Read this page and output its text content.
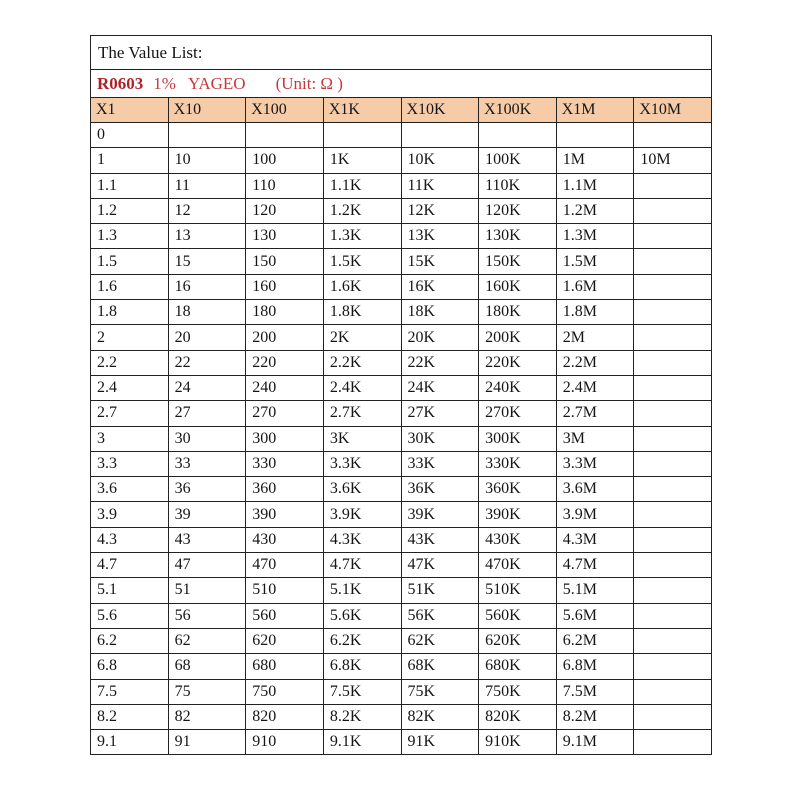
The Value List:							
R0603 1% YAGEO (Unit: Ω )							
X1	X10	X100	X1K	X10K	X100K	X1M	X10M
0							
1	10	100	1K	10K	100K	1M	10M
1.1	11	110	1.1K	11K	110K	1.1M	
1.2	12	120	1.2K	12K	120K	1.2M	
1.3	13	130	1.3K	13K	130K	1.3M	
1.5	15	150	1.5K	15K	150K	1.5M	
1.6	16	160	1.6K	16K	160K	1.6M	
1.8	18	180	1.8K	18K	180K	1.8M	
2	20	200	2K	20K	200K	2M	
2.2	22	220	2.2K	22K	220K	2.2M	
2.4	24	240	2.4K	24K	240K	2.4M	
2.7	27	270	2.7K	27K	270K	2.7M	
3	30	300	3K	30K	300K	3M	
3.3	33	330	3.3K	33K	330K	3.3M	
3.6	36	360	3.6K	36K	360K	3.6M	
3.9	39	390	3.9K	39K	390K	3.9M	
4.3	43	430	4.3K	43K	430K	4.3M	
4.7	47	470	4.7K	47K	470K	4.7M	
5.1	51	510	5.1K	51K	510K	5.1M	
5.6	56	560	5.6K	56K	560K	5.6M	
6.2	62	620	6.2K	62K	620K	6.2M	
6.8	68	680	6.8K	68K	680K	6.8M	
7.5	75	750	7.5K	75K	750K	7.5M	
8.2	82	820	8.2K	82K	820K	8.2M	
9.1	91	910	9.1K	91K	910K	9.1M	
